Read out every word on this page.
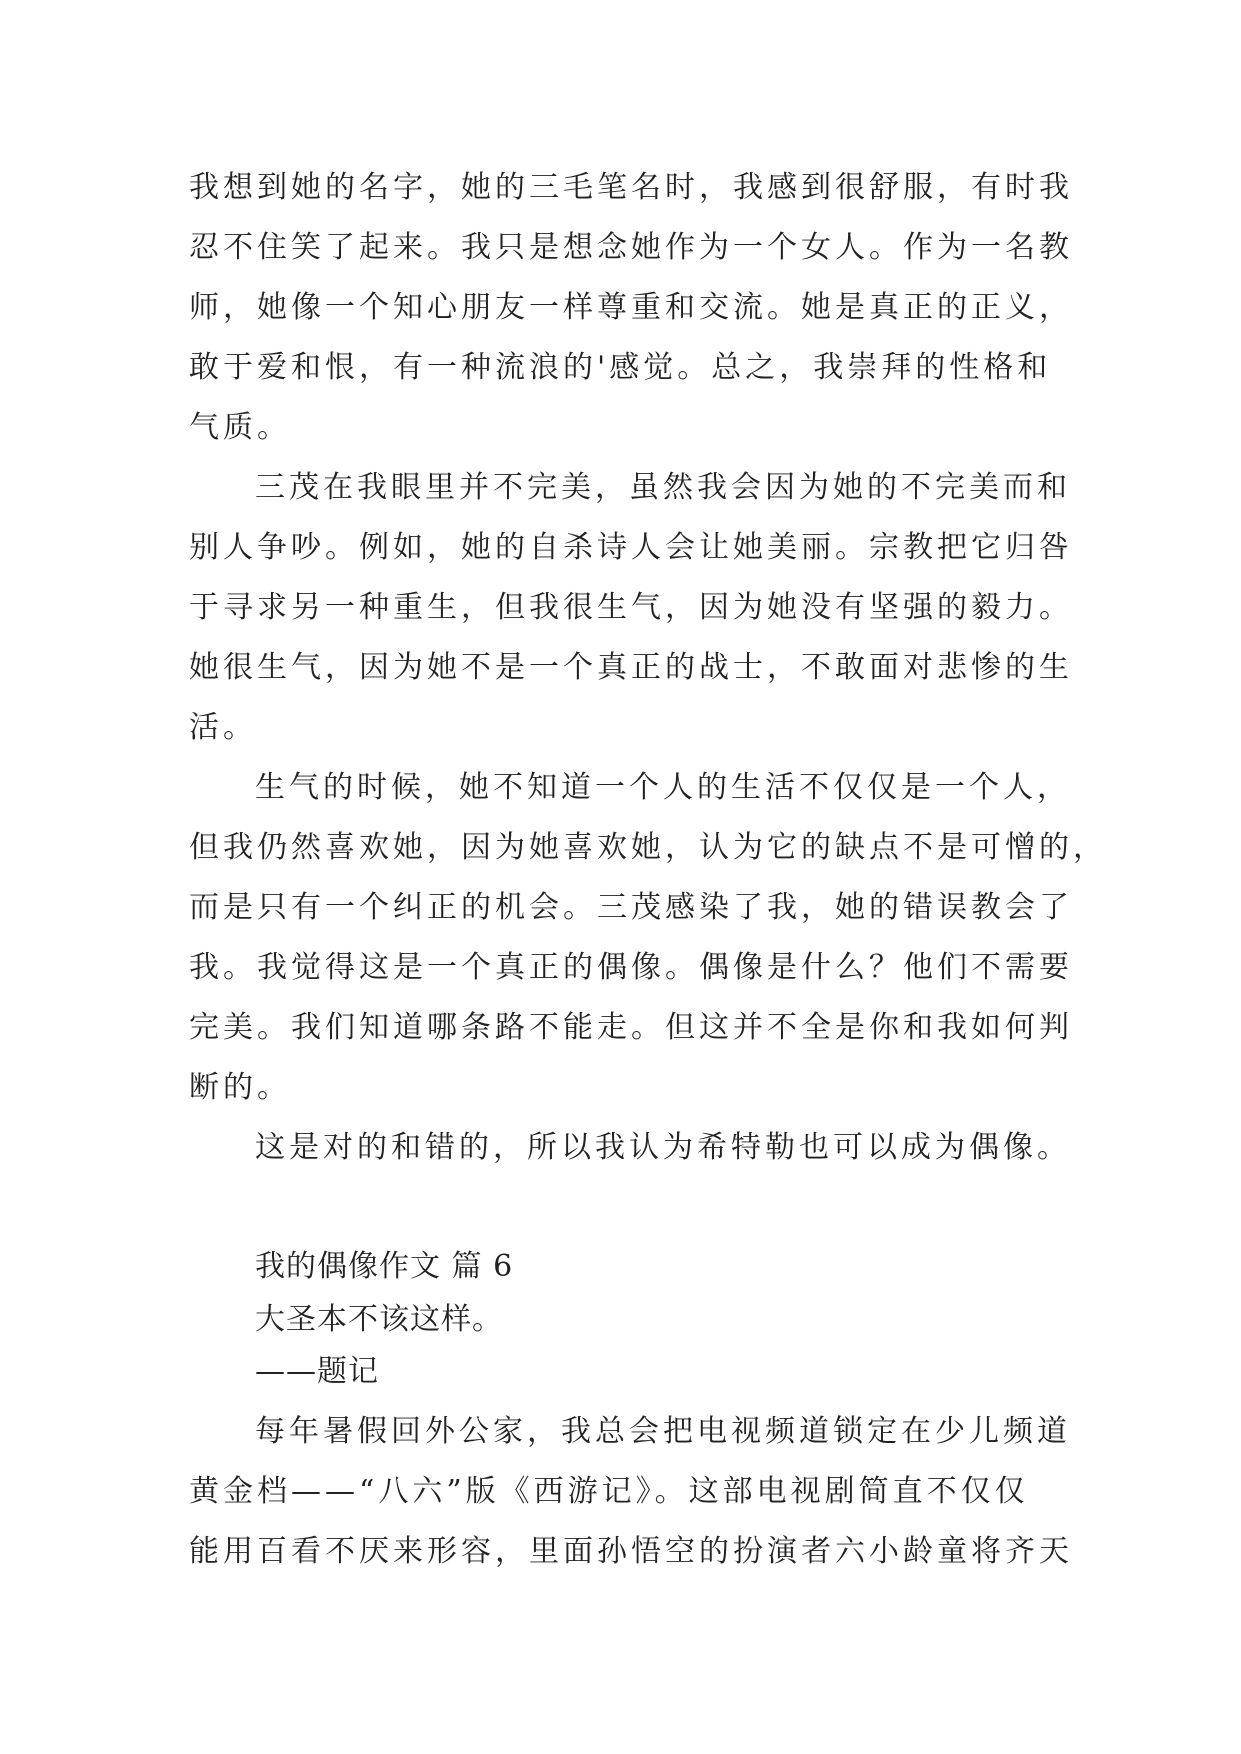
我想到她的名字，她的三毛笔名时，我感到很舒服，有时我

忍不住笑了起来。我只是想念她作为一个女人。作为一名教

师，她像一个知心朋友一样尊重和交流。她是真正的正义，

敢于爱和恨，有一种流浪的'感觉。总之，我崇拜的性格和

气质。

三茂在我眼里并不完美，虽然我会因为她的不完美而和

别人争吵。例如，她的自杀诗人会让她美丽。宗教把它归咎

于寻求另一种重生，但我很生气，因为她没有坚强的毅力。

她很生气，因为她不是一个真正的战士，不敢面对悲惨的生

活。

生气的时候，她不知道一个人的生活不仅仅是一个人，

但我仍然喜欢她，因为她喜欢她，认为它的缺点不是可憎的，

而是只有一个纠正的机会。三茂感染了我，她的错误教会了

我。我觉得这是一个真正的偶像。偶像是什么？他们不需要

完美。我们知道哪条路不能走。但这并不全是你和我如何判

断的。

这是对的和错的，所以我认为希特勒也可以成为偶像。

我的偶像作文 篇 6

大圣本不该这样。

——题记

每年暑假回外公家，我总会把电视频道锁定在少儿频道

黄金档——“八六”版《西游记》。这部电视剧简直不仅仅

能用百看不厌来形容，里面孙悟空的扮演者六小龄童将齐天
